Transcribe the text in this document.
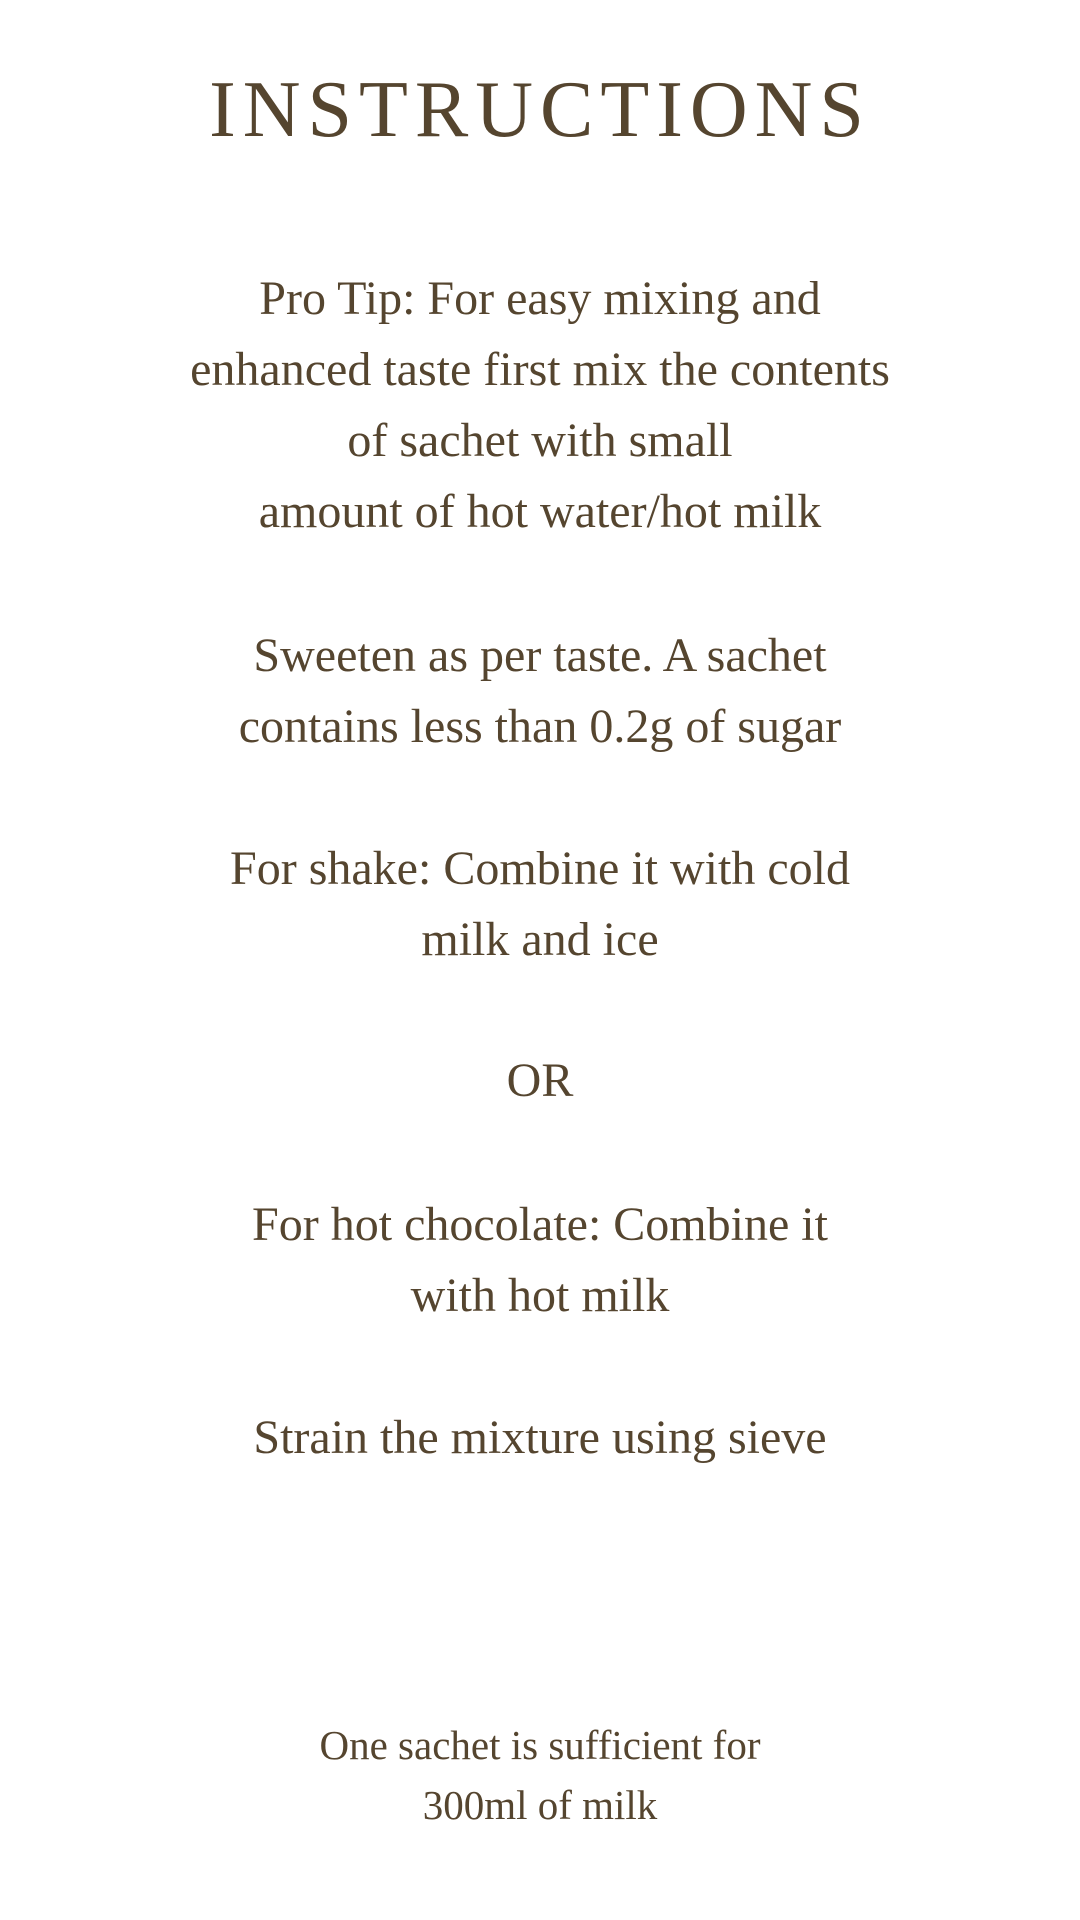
INSTRUCTIONS

Pro Tip: For easy mixing and
enhanced taste first mix the contents
of sachet with small
amount of hot water/hot milk

Sweeten as per taste. A sachet
contains less than 0.2g of sugar

For shake: Combine it with cold
milk and ice

OR

For hot chocolate: Combine it
with hot milk

Strain the mixture using sieve

One sachet is sufficient for
300ml of milk
